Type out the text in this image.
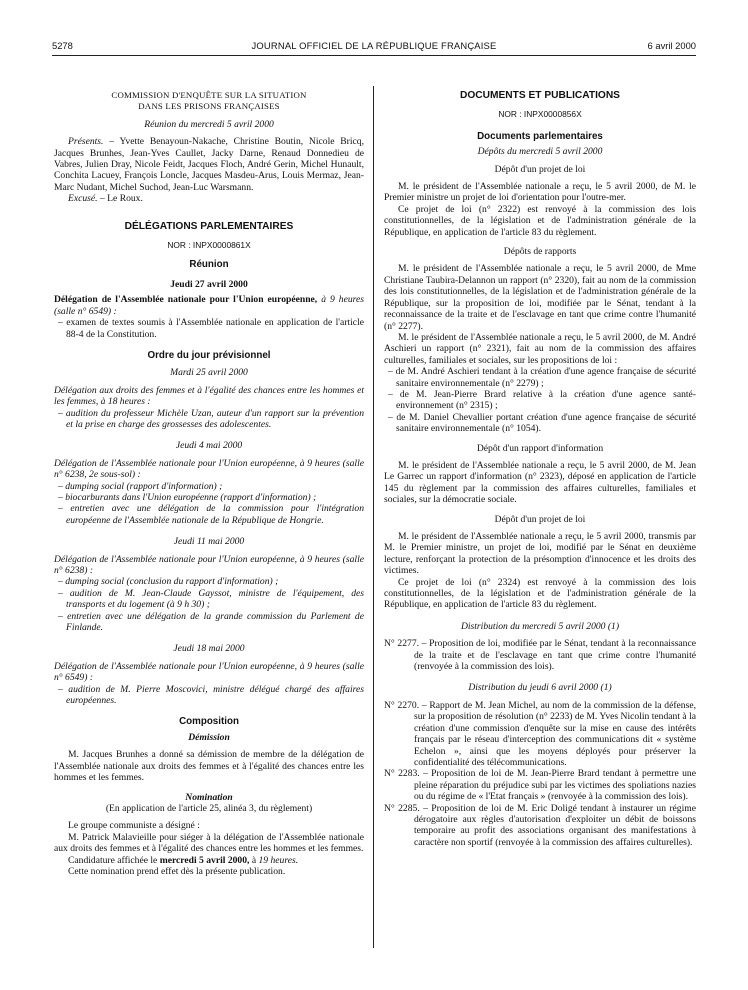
5278	JOURNAL OFFICIEL DE LA RÉPUBLIQUE FRANÇAISE	6 avril 2000

COMMISSION D'ENQUÊTE SUR LA SITUATION

DANS LES PRISONS FRANÇAISES

Réunion du mercredi 5 avril 2000

Présents. – Yvette Benayoun-Nakache, Christine Boutin, Nicole Bricq, Jacques Brunhes, Jean-Yves Caullet, Jacky Darne, Renaud Donnedieu de Vabres, Julien Dray, Nicole Feidt, Jacques Floch, André Gerin, Michel Hunault, Conchita Lacuey, François Loncle, Jacques Masdeu-Arus, Louis Mermaz, Jean-Marc Nudant, Michel Suchod, Jean-Luc Warsmann.

Excusé. – Le Roux.

DÉLÉGATIONS PARLEMENTAIRES

NOR : INPX0000861X

Réunion

Jeudi 27 avril 2000

Délégation de l'Assemblée nationale pour l'Union européenne, à 9 heures (salle n° 6549) :

– examen de textes soumis à l'Assemblée nationale en application de l'article 88-4 de la Constitution.

Ordre du jour prévisionnel

Mardi 25 avril 2000

Délégation aux droits des femmes et à l'égalité des chances entre les hommes et les femmes, à 18 heures :

– audition du professeur Michèle Uzan, auteur d'un rapport sur la prévention et la prise en charge des grossesses des adolescentes.

Jeudi 4 mai 2000

Délégation de l'Assemblée nationale pour l'Union européenne, à 9 heures (salle n° 6238, 2e sous-sol) :

– dumping social (rapport d'information) ;

– biocarburants dans l'Union européenne (rapport d'information) ;

– entretien avec une délégation de la commission pour l'intégration européenne de l'Assemblée nationale de la République de Hongrie.

Jeudi 11 mai 2000

Délégation de l'Assemblée nationale pour l'Union européenne, à 9 heures (salle n° 6238) :

– dumping social (conclusion du rapport d'information) ;

– audition de M. Jean-Claude Gayssot, ministre de l'équipement, des transports et du logement (à 9 h 30) ;

– entretien avec une délégation de la grande commission du Parlement de Finlande.

Jeudi 18 mai 2000

Délégation de l'Assemblée nationale pour l'Union européenne, à 9 heures (salle n° 6549) :

– audition de M. Pierre Moscovici, ministre délégué chargé des affaires européennes.

Composition

Démission

M. Jacques Brunhes a donné sa démission de membre de la délégation de l'Assemblée nationale aux droits des femmes et à l'égalité des chances entre les hommes et les femmes.

Nomination

(En application de l'article 25, alinéa 3, du règlement)

Le groupe communiste a désigné :

M. Patrick Malavieille pour siéger à la délégation de l'Assemblée nationale aux droits des femmes et à l'égalité des chances entre les hommes et les femmes.

Candidature affichée le mercredi 5 avril 2000, à 19 heures.

Cette nomination prend effet dès la présente publication.

DOCUMENTS ET PUBLICATIONS

NOR : INPX0000856X

Documents parlementaires

Dépôts du mercredi 5 avril 2000

Dépôt d'un projet de loi

M. le président de l'Assemblée nationale a reçu, le 5 avril 2000, de M. le Premier ministre un projet de loi d'orientation pour l'outre-mer.

Ce projet de loi (n° 2322) est renvoyé à la commission des lois constitutionnelles, de la législation et de l'administration générale de la République, en application de l'article 83 du règlement.

Dépôts de rapports

M. le président de l'Assemblée nationale a reçu, le 5 avril 2000, de Mme Christiane Taubira-Delannon un rapport (n° 2320), fait au nom de la commission des lois constitutionnelles, de la législation et de l'administration générale de la République, sur la proposition de loi, modifiée par le Sénat, tendant à la reconnaissance de la traite et de l'esclavage en tant que crime contre l'humanité (n° 2277).

M. le président de l'Assemblée nationale a reçu, le 5 avril 2000, de M. André Aschieri un rapport (n° 2321), fait au nom de la commission des affaires culturelles, familiales et sociales, sur les propositions de loi :

– de M. André Aschieri tendant à la création d'une agence française de sécurité sanitaire environnementale (n° 2279) ;

– de M. Jean-Pierre Brard relative à la création d'une agence santé-environnement (n° 2315) ;

– de M. Daniel Chevallier portant création d'une agence française de sécurité sanitaire environnementale (n° 1054).

Dépôt d'un rapport d'information

M. le président de l'Assemblée nationale a reçu, le 5 avril 2000, de M. Jean Le Garrec un rapport d'information (n° 2323), déposé en application de l'article 145 du règlement par la commission des affaires culturelles, familiales et sociales, sur la démocratie sociale.

Dépôt d'un projet de loi

M. le président de l'Assemblée nationale a reçu, le 5 avril 2000, transmis par M. le Premier ministre, un projet de loi, modifié par le Sénat en deuxième lecture, renforçant la protection de la présomption d'innocence et les droits des victimes.

Ce projet de loi (n° 2324) est renvoyé à la commission des lois constitutionnelles, de la législation et de l'administration générale de la République, en application de l'article 83 du règlement.

Distribution du mercredi 5 avril 2000 (1)

N° 2277. – Proposition de loi, modifiée par le Sénat, tendant à la reconnaissance de la traite et de l'esclavage en tant que crime contre l'humanité (renvoyée à la commission des lois).

Distribution du jeudi 6 avril 2000 (1)

N° 2270. – Rapport de M. Jean Michel, au nom de la commission de la défense, sur la proposition de résolution (n° 2233) de M. Yves Nicolin tendant à la création d'une commission d'enquête sur la mise en cause des intérêts français par le réseau d'interception des communications dit « système Echelon », ainsi que les moyens déployés pour préserver la confidentialité des télécommunications.

N° 2283. – Proposition de loi de M. Jean-Pierre Brard tendant à permettre une pleine réparation du préjudice subi par les victimes des spoliations nazies ou du régime de « l'Etat français » (renvoyée à la commission des lois).

N° 2285. – Proposition de loi de M. Eric Doligé tendant à instaurer un régime dérogatoire aux règles d'autorisation d'exploiter un débit de boissons temporaire au profit des associations organisant des manifestations à caractère non sportif (renvoyée à la commission des affaires culturelles).
